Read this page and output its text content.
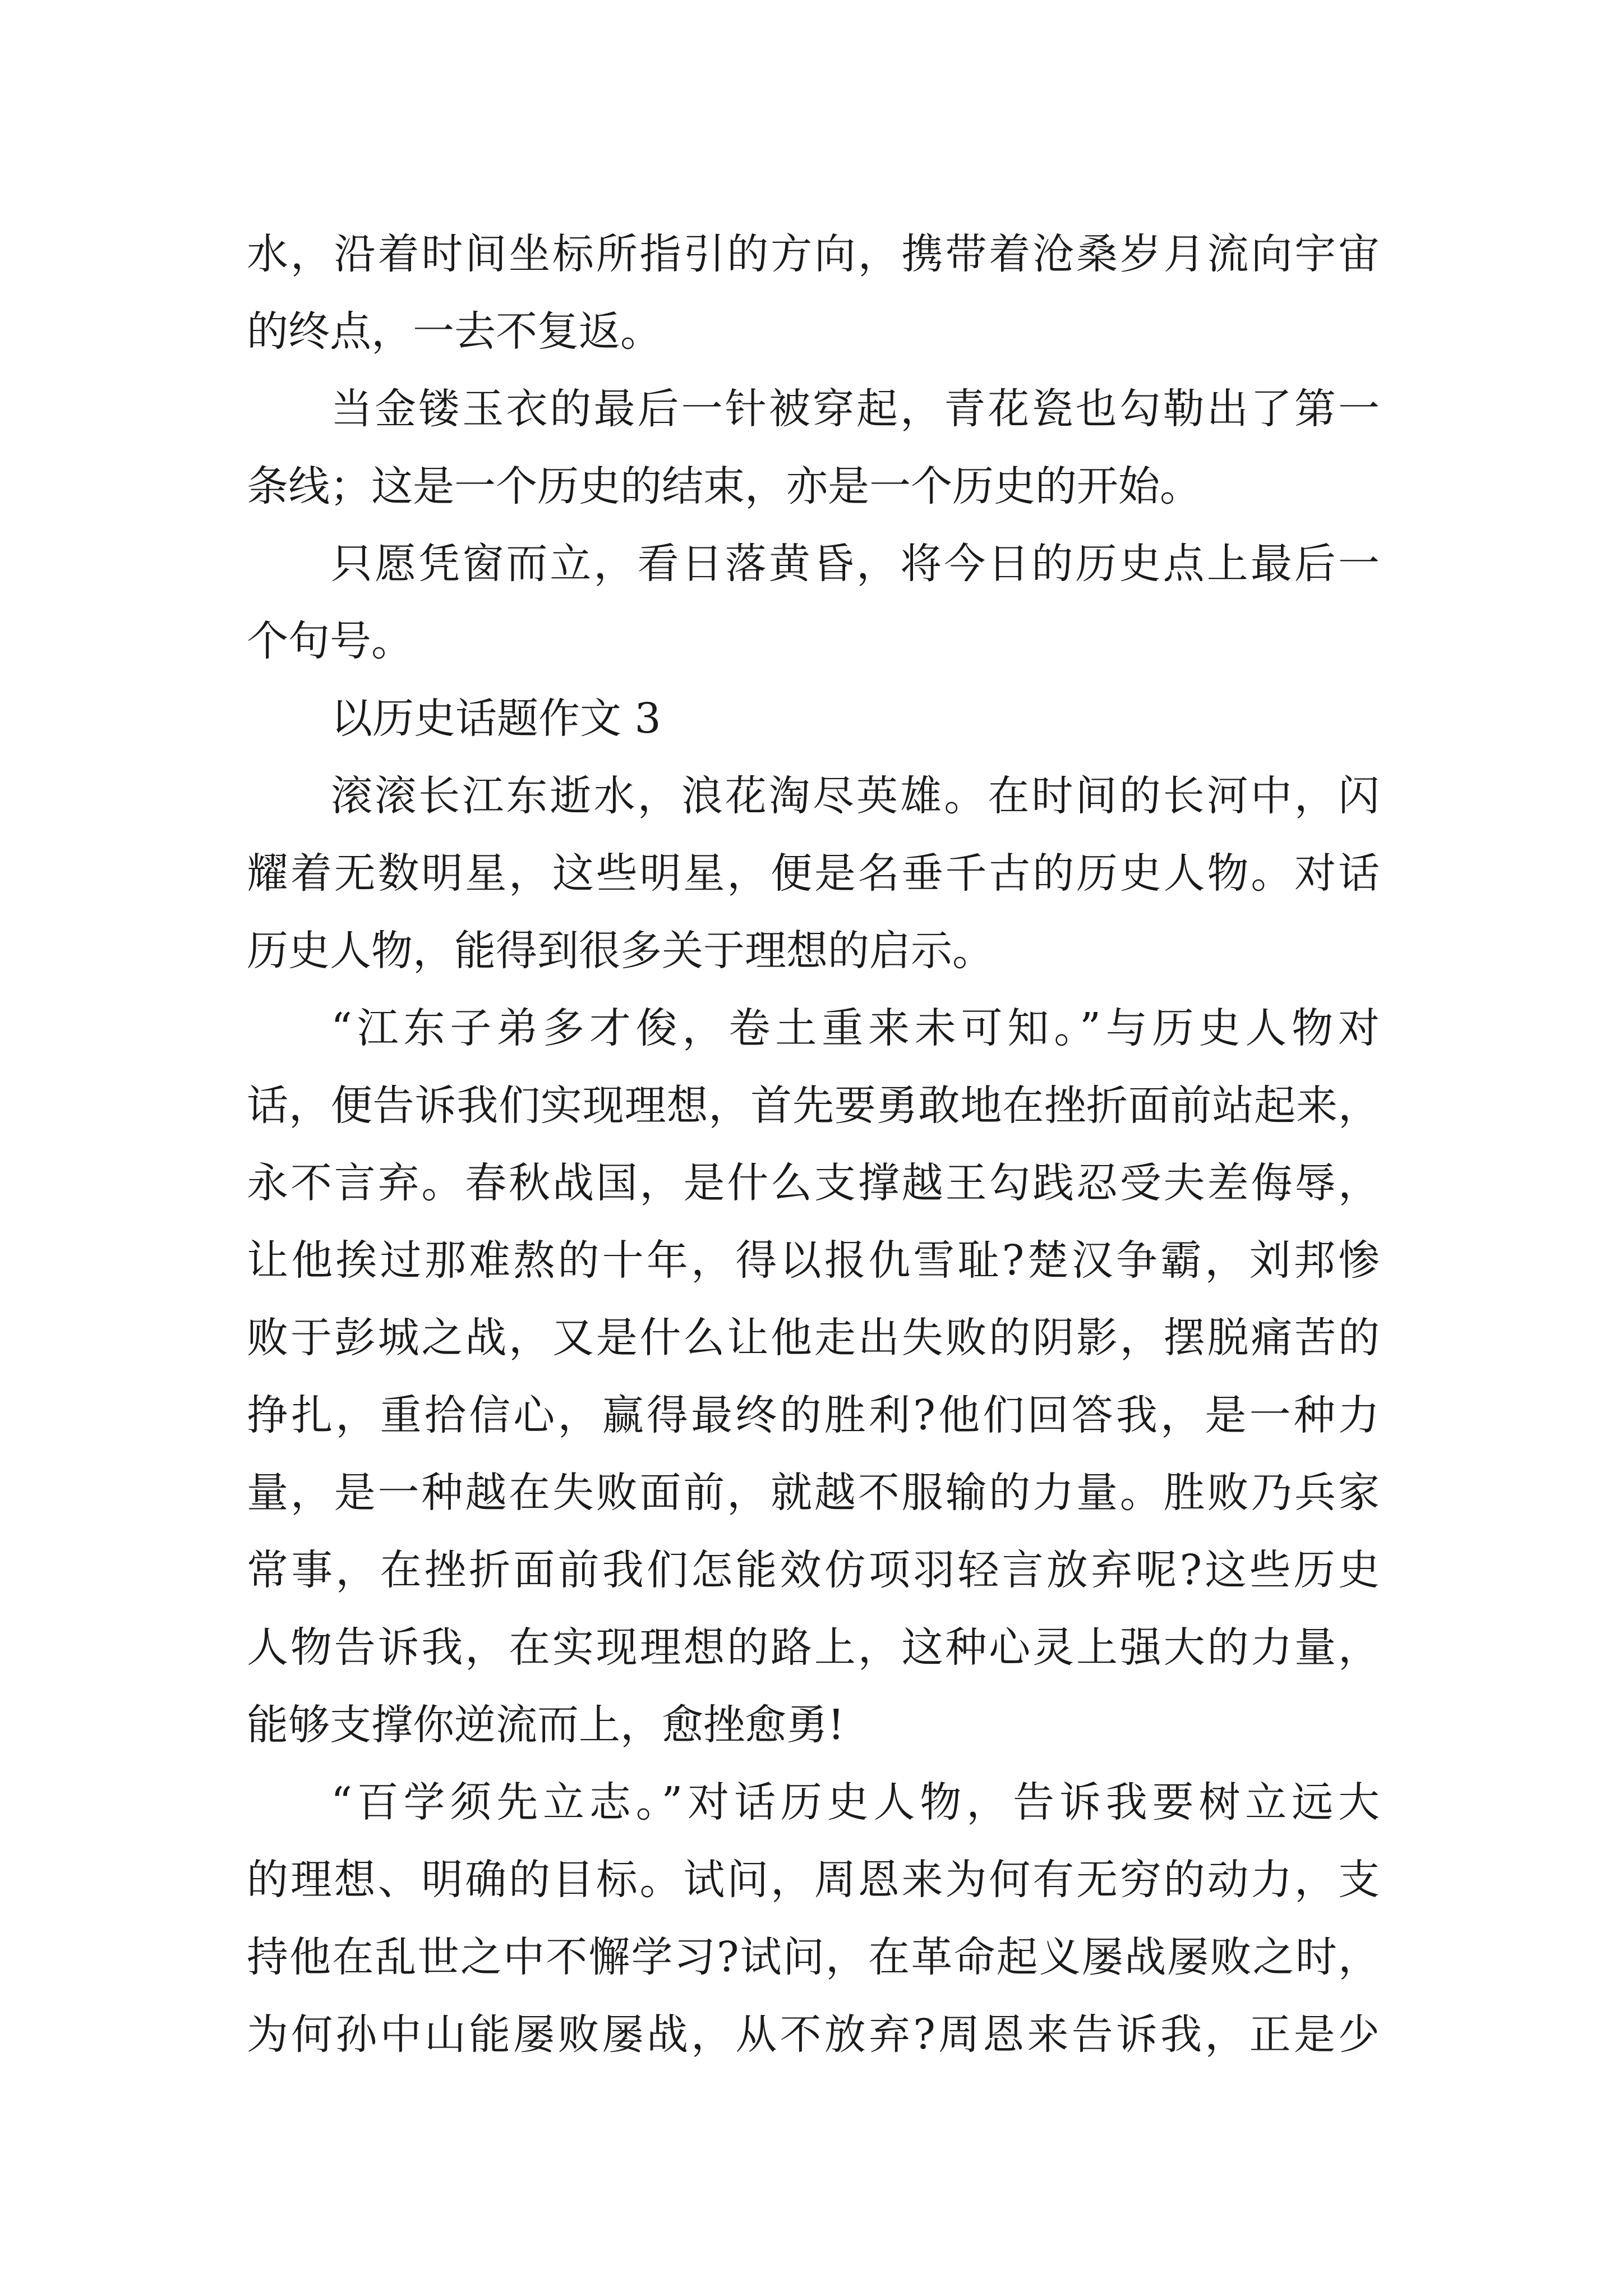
水，沿着时间坐标所指引的方向，携带着沧桑岁月流向宇宙
的终点，一去不复返。
当金镂玉衣的最后一针被穿起，青花瓷也勾勒出了第一
条线；这是一个历史的结束，亦是一个历史的开始。
只愿凭窗而立，看日落黄昏，将今日的历史点上最后一
个句号。
以历史话题作文 3
滚滚长江东逝水，浪花淘尽英雄。在时间的长河中，闪
耀着无数明星，这些明星，便是名垂千古的历史人物。对话
历史人物，能得到很多关于理想的启示。
“江东子弟多才俊，卷土重来未可知。”与历史人物对
话，便告诉我们实现理想，首先要勇敢地在挫折面前站起来，
永不言弃。春秋战国，是什么支撑越王勾践忍受夫差侮辱，
让他挨过那难熬的十年，得以报仇雪耻?楚汉争霸，刘邦惨
败于彭城之战，又是什么让他走出失败的阴影，摆脱痛苦的
挣扎，重拾信心，赢得最终的胜利?他们回答我，是一种力
量，是一种越在失败面前，就越不服输的力量。胜败乃兵家
常事，在挫折面前我们怎能效仿项羽轻言放弃呢?这些历史
人物告诉我，在实现理想的路上，这种心灵上强大的力量，
能够支撑你逆流而上，愈挫愈勇!
“百学须先立志。”对话历史人物，告诉我要树立远大
的理想、明确的目标。试问，周恩来为何有无穷的动力，支
持他在乱世之中不懈学习?试问，在革命起义屡战屡败之时，
为何孙中山能屡败屡战，从不放弃?周恩来告诉我，正是少
